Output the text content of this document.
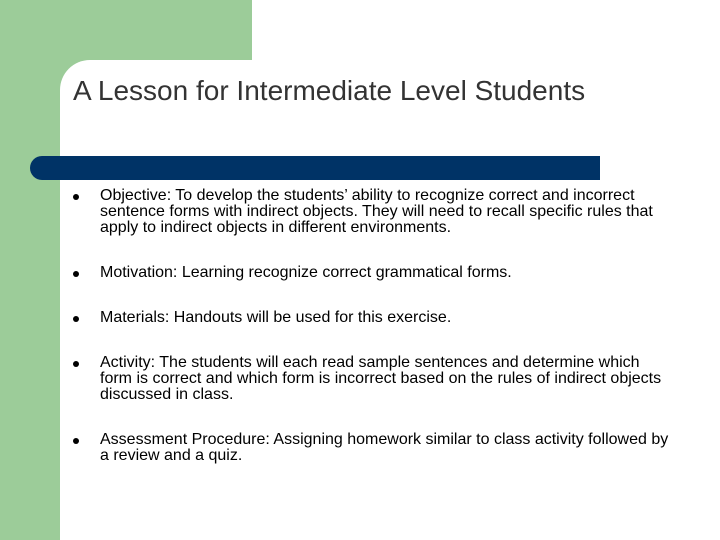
A Lesson for Intermediate Level Students
Objective: To develop the students’ ability to recognize correct and incorrect sentence forms with indirect objects. They will need to recall specific rules that apply to indirect objects in different environments.
Motivation: Learning recognize correct grammatical forms.
Materials: Handouts will be used for this exercise.
Activity: The students will each read sample sentences and determine which form is correct and which form is incorrect based on the rules of indirect objects discussed in class.
Assessment Procedure: Assigning homework similar to class activity followed by a review and a quiz.
